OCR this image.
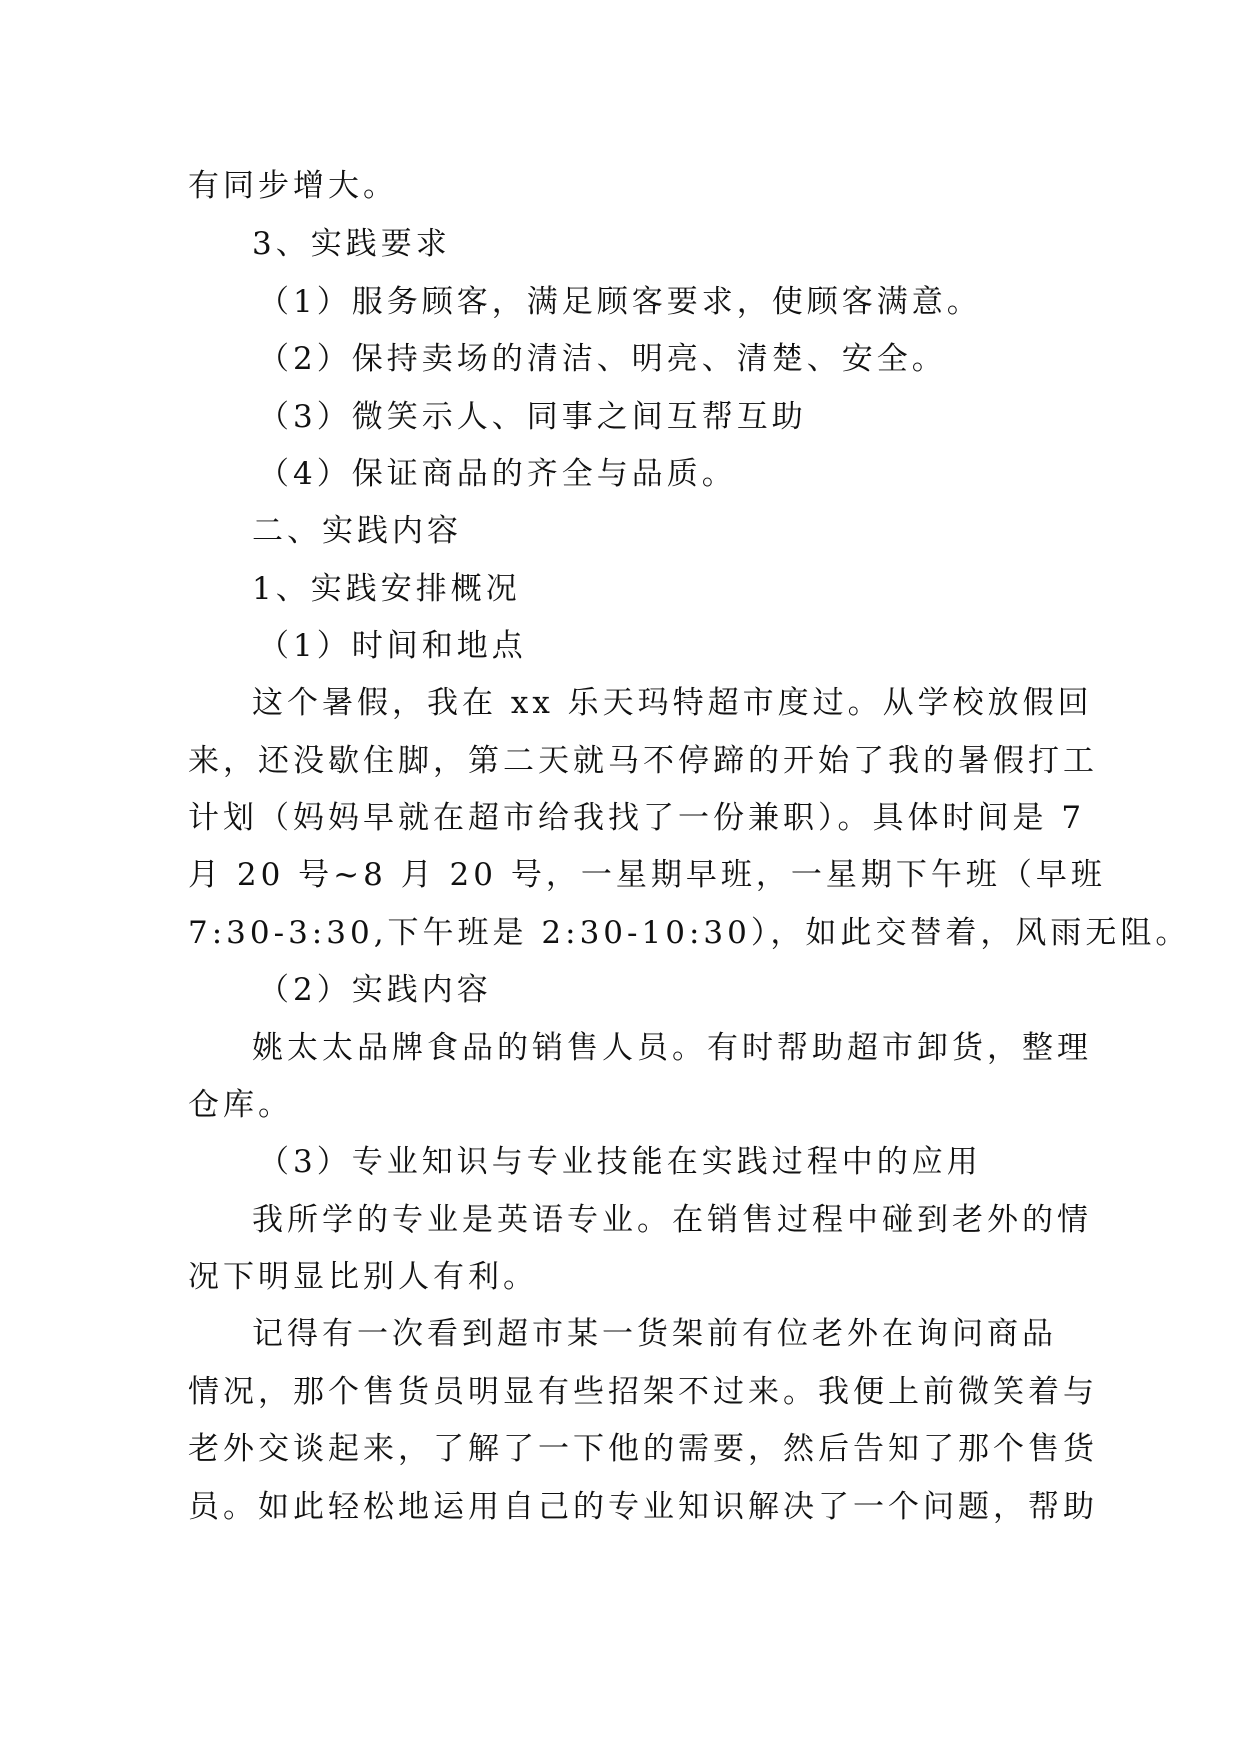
有同步增大。
3、实践要求
（1）服务顾客，满足顾客要求，使顾客满意。
（2）保持卖场的清洁、明亮、清楚、安全。
（3）微笑示人、同事之间互帮互助
（4）保证商品的齐全与品质。
二、实践内容
1、实践安排概况
（1）时间和地点
这个暑假，我在 xx 乐天玛特超市度过。从学校放假回
来，还没歇住脚，第二天就马不停蹄的开始了我的暑假打工
计划（妈妈早就在超市给我找了一份兼职）。具体时间是 7
月 20 号~8 月 20 号，一星期早班，一星期下午班（早班
7:30-3:30,下午班是 2:30-10:30），如此交替着，风雨无阻。
（2）实践内容
姚太太品牌食品的销售人员。有时帮助超市卸货，整理
仓库。
（3）专业知识与专业技能在实践过程中的应用
我所学的专业是英语专业。在销售过程中碰到老外的情
况下明显比别人有利。
记得有一次看到超市某一货架前有位老外在询问商品
情况，那个售货员明显有些招架不过来。我便上前微笑着与
老外交谈起来，了解了一下他的需要，然后告知了那个售货
员。如此轻松地运用自己的专业知识解决了一个问题，帮助
